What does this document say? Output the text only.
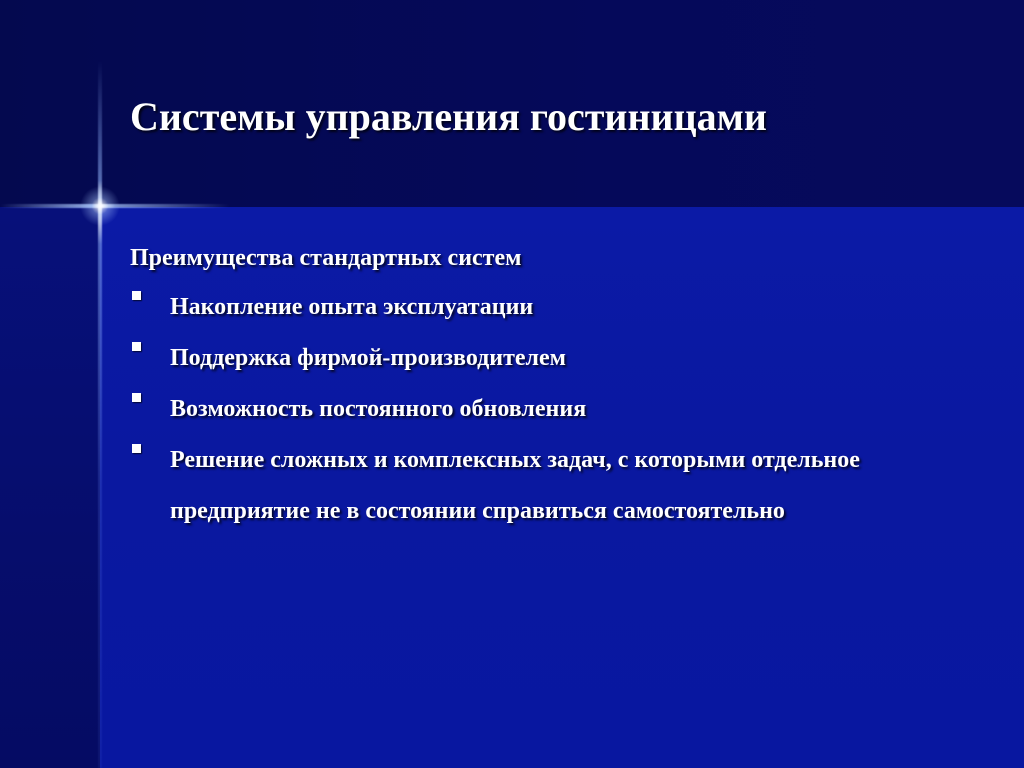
Системы управления гостиницами
Преимущества стандартных систем
Накопление опыта эксплуатации
Поддержка фирмой-производителем
Возможность постоянного обновления
Решение сложных и комплексных задач, с которыми отдельное предприятие не в состоянии справиться самостоятельно
